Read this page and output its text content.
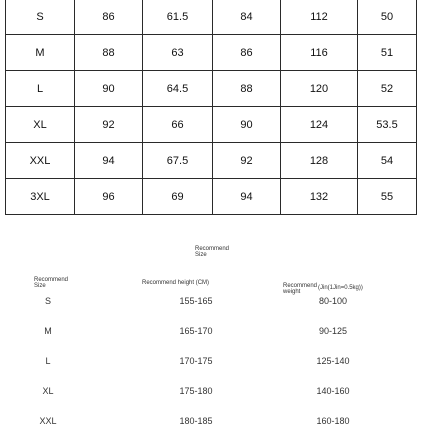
S	86	61.5	84	112	50
M	88	63	86	116	51
L	90	64.5	88	120	52
XL	92	66	90	124	53.5
XXL	94	67.5	92	128	54
3XL	96	69	94	132	55
Recommend
Size
Recommend
Size	Recommend height (CM)	Recommend
weight(Jin(1Jin=0.5kg))

S	155-165	80-100
M	165-170	90-125
L	170-175	125-140
XL	175-180	140-160
XXL	180-185	160-180
